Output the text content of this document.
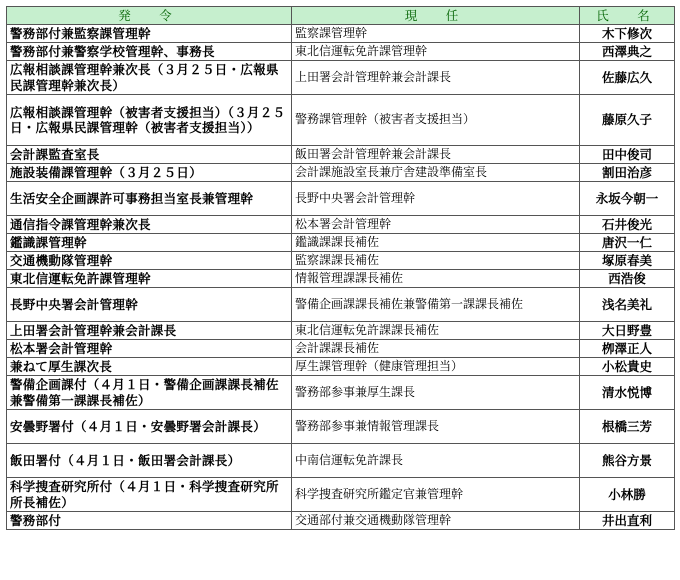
発　令	現　任	氏　名
警務部付兼監察課管理幹	監察課管理幹	木下修次
警務部付兼警察学校管理幹、事務長	東北信運転免許課管理幹	西澤典之
広報相談課管理幹兼次長（３月２５日・広報県民課管理幹兼次長）	上田署会計管理幹兼会計課長	佐藤広久
広報相談課管理幹（被害者支援担当）（３月２５日・広報県民課管理幹（被害者支援担当））	警務課管理幹（被害者支援担当）	藤原久子
会計課監査室長	飯田署会計管理幹兼会計課長	田中俊司
施設装備課管理幹（３月２５日）	会計課施設室長兼庁舎建設準備室長	割田治彦
生活安全企画課許可事務担当室長兼管理幹	長野中央署会計管理幹	永坂今朝一
通信指令課管理幹兼次長	松本署会計管理幹	石井俊光
鑑識課管理幹	鑑識課課長補佐	唐沢一仁
交通機動隊管理幹	監察課課長補佐	塚原春美
東北信運転免許課管理幹	情報管理課課長補佐	西浩俊
長野中央署会計管理幹	警備企画課課長補佐兼警備第一課課長補佐	浅名美礼
上田署会計管理幹兼会計課長	東北信運転免許課課長補佐	大日野豊
松本署会計管理幹	会計課課長補佐	栁澤正人
兼ねて厚生課次長	厚生課管理幹（健康管理担当）	小松貴史
警備企画課付（４月１日・警備企画課課長補佐兼警備第一課課長補佐）	警務部参事兼厚生課長	清水悦博
安曇野署付（４月１日・安曇野署会計課長）	警務部参事兼情報管理課長	根橋三芳
飯田署付（４月１日・飯田署会計課長）	中南信運転免許課長	熊谷方景
科学捜査研究所付（４月１日・科学捜査研究所所長補佐）	科学捜査研究所鑑定官兼管理幹	小林勝
警務部付	交通部付兼交通機動隊管理幹	井出直利
